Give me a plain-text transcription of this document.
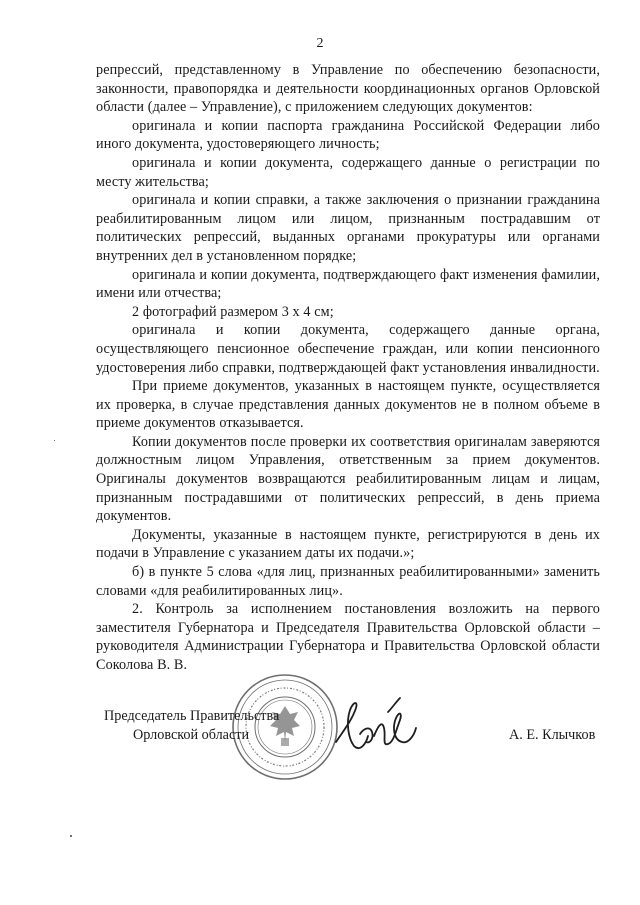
2

репрессий, представленному в Управление по обеспечению безопасности, законности, правопорядка и деятельности координационных органов Орловской области (далее – Управление), с приложением следующих документов:

оригинала и копии паспорта гражданина Российской Федерации либо иного документа, удостоверяющего личность;

оригинала и копии документа, содержащего данные о регистрации по месту жительства;

оригинала и копии справки, а также заключения о признании гражданина реабилитированным лицом или лицом, признанным пострадавшим от политических репрессий, выданных органами прокуратуры или органами внутренних дел в установленном порядке;

оригинала и копии документа, подтверждающего факт изменения фамилии, имени или отчества;

2 фотографий размером 3 х 4 см;

оригинала и копии документа, содержащего данные органа, осуществляющего пенсионное обеспечение граждан, или копии пенсионного удостоверения либо справки, подтверждающей факт установления инвалидности.

При приеме документов, указанных в настоящем пункте, осуществляется их проверка, в случае представления данных документов не в полном объеме в приеме документов отказывается.

Копии документов после проверки их соответствия оригиналам заверяются должностным лицом Управления, ответственным за прием документов. Оригиналы документов возвращаются реабилитированным лицам и лицам, признанным пострадавшими от политических репрессий, в день приема документов.

Документы, указанные в настоящем пункте, регистрируются в день их подачи в Управление с указанием даты их подачи.»;

б) в пункте 5 слова «для лиц, признанных реабилитированными» заменить словами «для реабилитированных лиц».

2. Контроль за исполнением постановления возложить на первого заместителя Губернатора и Председателя Правительства Орловской области – руководителя Администрации Губернатора и Правительства Орловской области Соколова В. В.

Председатель Правительства
Орловской области	А. Е. Клычков
